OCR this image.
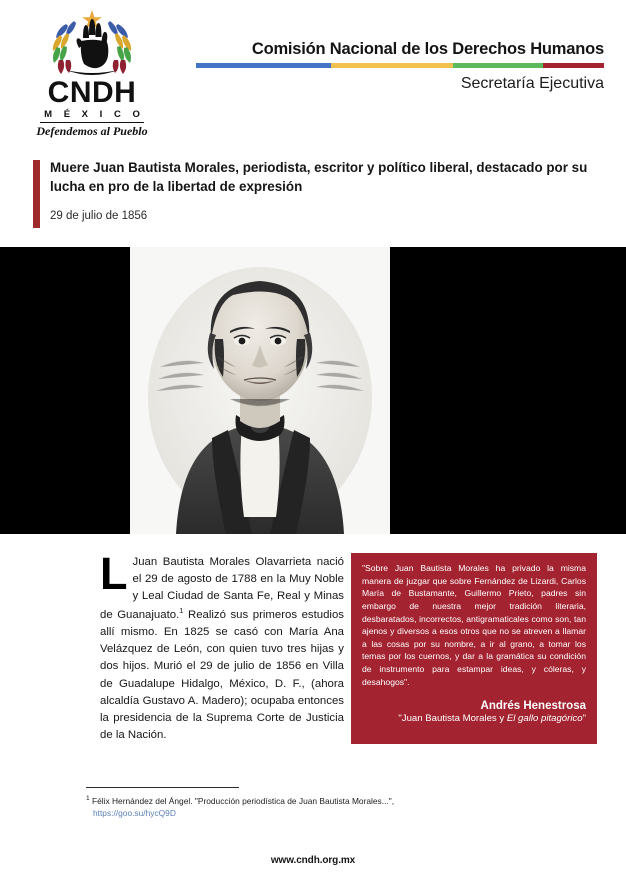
CNDH
M É X I C O
Defendemos al Pueblo
Comisión Nacional de los Derechos Humanos
Secretaría Ejecutiva
Muere Juan Bautista Morales, periodista, escritor y político liberal, destacado por su lucha en pro de la libertad de expresión
29 de julio de 1856
L Juan Bautista Morales Olavarrieta nació el 29 de agosto de 1788 en la Muy Noble y Leal Ciudad de Santa Fe, Real y Minas de Guanajuato.$^1$ Realizó sus primeros estudios allí mismo. En 1825 se casó con María Ana Velázquez de León, con quien tuvo tres hijas y dos hijos. Murió el 29 de julio de 1856 en Villa de Guadalupe Hidalgo, México, D. F., (ahora alcaldía Gustavo A. Madero); ocupaba entonces la presidencia de la Suprema Corte de Justicia de la Nación.
"Sobre Juan Bautista Morales ha privado la misma manera de juzgar que sobre Fernández de Lizardi, Carlos María de Bustamante, Guillermo Prieto, padres sin embargo de nuestra mejor tradición literaria, desbaratados, incorrectos, antigramaticales como son, tan ajenos y diversos a esos otros que no se atreven a llamar a las cosas por su nombre, a ir al grano, a tomar los temas por los cuernos, y dar a la gramática su condición de instrumento para estampar ideas, y cóleras, y desahogos".
Andrés Henestrosa
"Juan Bautista Morales y El gallo pitagórico"
$^1$ Félix Hernández del Ángel. "Producción periodística de Juan Bautista Morales...",
https://goo.su/hycQ9D
www.cndh.org.mx
